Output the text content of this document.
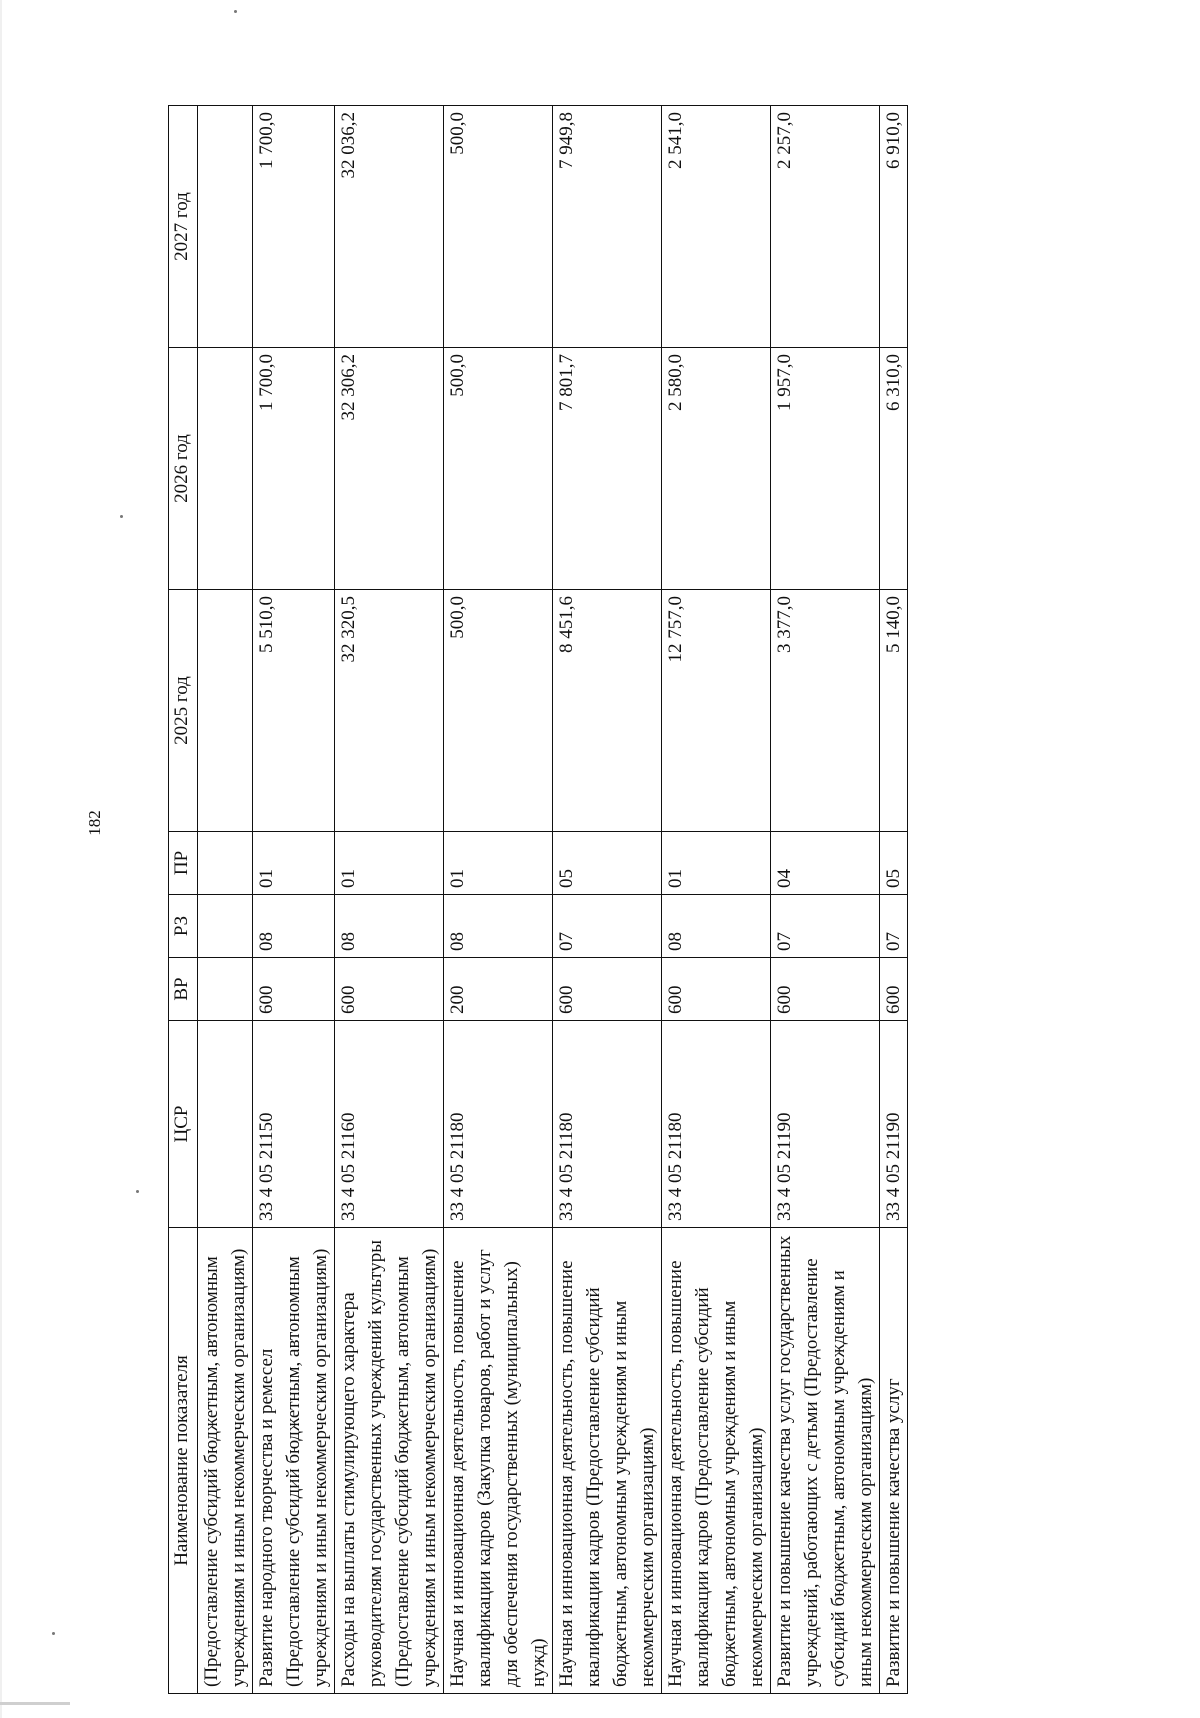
182
Наименование показателя	ЦСР	ВР	РЗ	ПР	2025 год	2026 год	2027 год
(Предоставление субсидий бюджетным, автономным учреждениям и иным некоммерческим организациям)							
Развитие народного творчества и ремесел (Предоставление субсидий бюджетным, автономным учреждениям и иным некоммерческим организациям)	33 4 05 21150	600	08	01	5 510,0	1 700,0	1 700,0
Расходы на выплаты стимулирующего характера руководителям государственных учреждений культуры (Предоставление субсидий бюджетным, автономным учреждениям и иным некоммерческим организациям)	33 4 05 21160	600	08	01	32 320,5	32 306,2	32 036,2
Научная и инновационная деятельность, повышение квалификации кадров (Закупка товаров, работ и услуг для обеспечения государственных (муниципальных) нужд)	33 4 05 21180	200	08	01	500,0	500,0	500,0
Научная и инновационная деятельность, повышение квалификации кадров (Предоставление субсидий бюджетным, автономным учреждениям и иным некоммерческим организациям)	33 4 05 21180	600	07	05	8 451,6	7 801,7	7 949,8
Научная и инновационная деятельность, повышение квалификации кадров (Предоставление субсидий бюджетным, автономным учреждениям и иным некоммерческим организациям)	33 4 05 21180	600	08	01	12 757,0	2 580,0	2 541,0
Развитие и повышение качества услуг государственных учреждений, работающих с детьми (Предоставление субсидий бюджетным, автономным учреждениям и иным некоммерческим организациям)	33 4 05 21190	600	07	04	3 377,0	1 957,0	2 257,0
Развитие и повышение качества услуг	33 4 05 21190	600	07	05	5 140,0	6 310,0	6 910,0
